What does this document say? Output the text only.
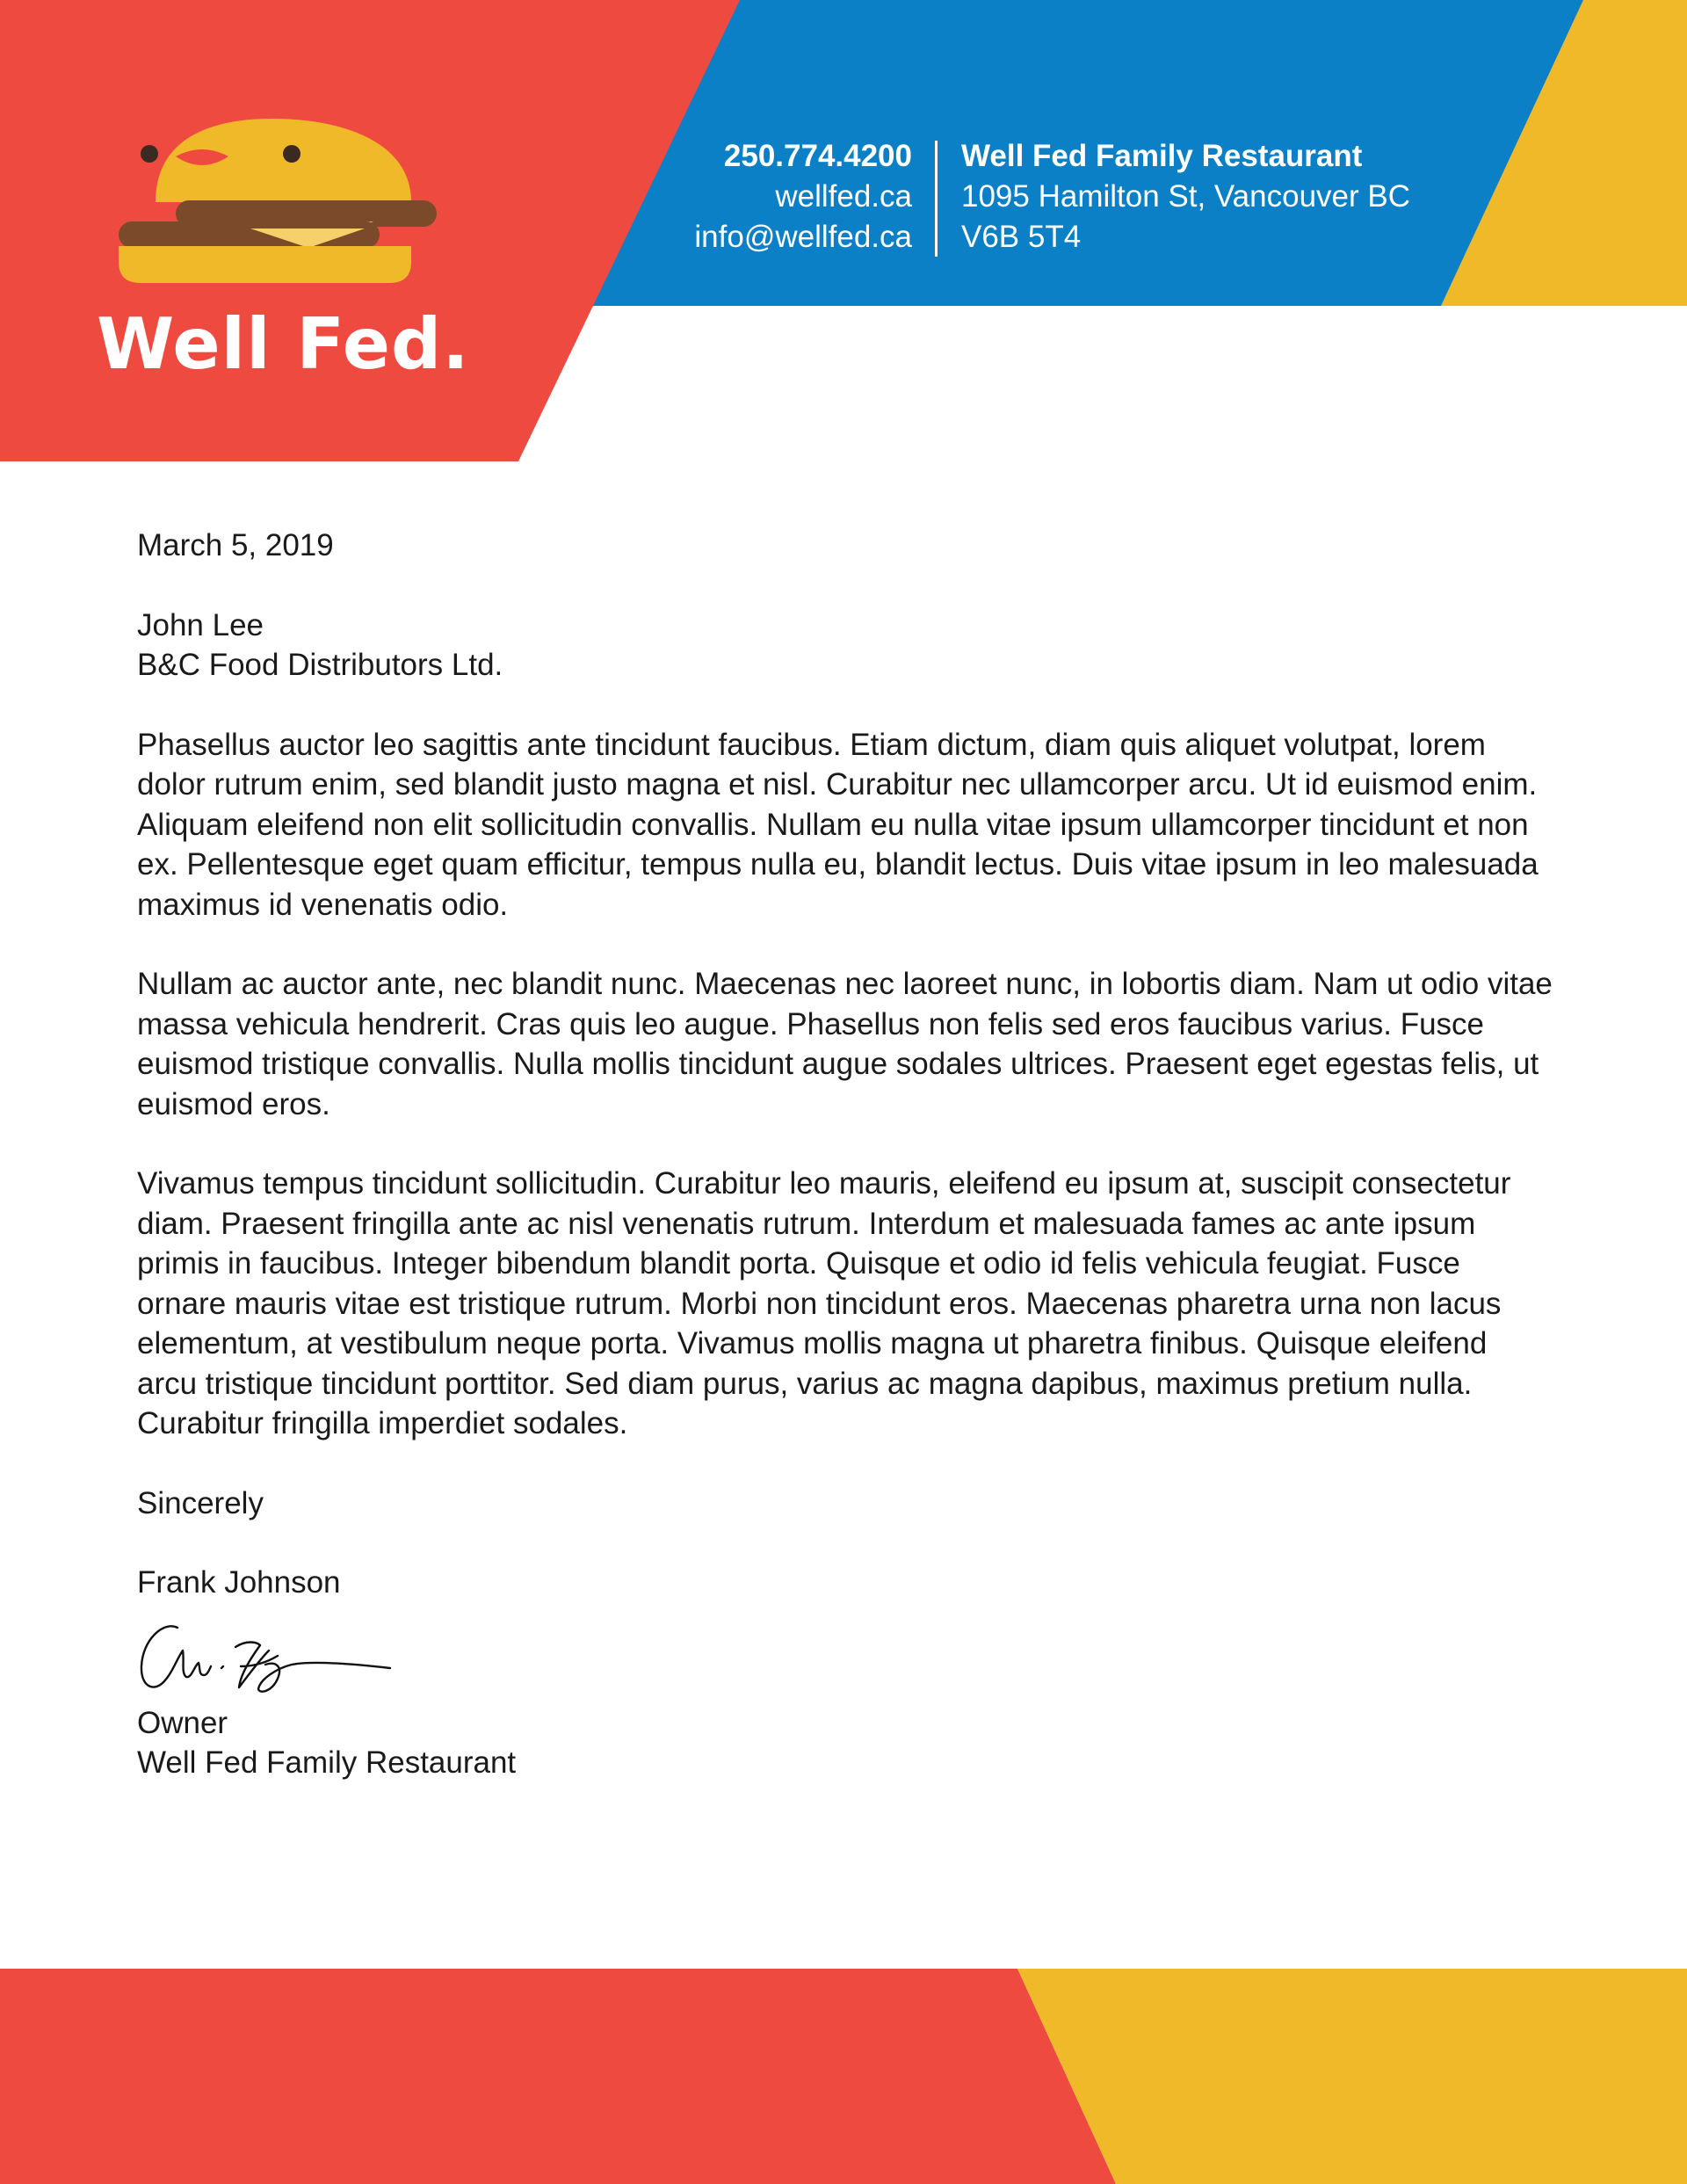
Well Fed.
250.774.4200
wellfed.ca
info@wellfed.ca
Well Fed Family Restaurant
1095 Hamilton St, Vancouver BC
V6B 5T4

March 5, 2019

John Lee

B&C Food Distributors Ltd.

Phasellus auctor leo sagittis ante tincidunt faucibus. Etiam dictum, diam quis aliquet volutpat, lorem dolor rutrum enim, sed blandit justo magna et nisl. Curabitur nec ullamcorper arcu. Ut id euismod enim. Aliquam eleifend non elit sollicitudin convallis. Nullam eu nulla vitae ipsum ullamcorper tincidunt et non ex. Pellentesque eget quam efficitur, tempus nulla eu, blandit lectus. Duis vitae ipsum in leo malesuada maximus id venenatis odio.

Nullam ac auctor ante, nec blandit nunc. Maecenas nec laoreet nunc, in lobortis diam. Nam ut odio vitae massa vehicula hendrerit. Cras quis leo augue. Phasellus non felis sed eros faucibus varius. Fusce euismod tristique convallis. Nulla mollis tincidunt augue sodales ultrices. Praesent eget egestas felis, ut euismod eros.

Vivamus tempus tincidunt sollicitudin. Curabitur leo mauris, eleifend eu ipsum at, suscipit consectetur diam. Praesent fringilla ante ac nisl venenatis rutrum. Interdum et malesuada fames ac ante ipsum primis in faucibus. Integer bibendum blandit porta. Quisque et odio id felis vehicula feugiat. Fusce ornare mauris vitae est tristique rutrum. Morbi non tincidunt eros. Maecenas pharetra urna non lacus elementum, at vestibulum neque porta. Vivamus mollis magna ut pharetra finibus. Quisque eleifend arcu tristique tincidunt porttitor. Sed diam purus, varius ac magna dapibus, maximus pretium nulla. Curabitur fringilla imperdiet sodales.

Sincerely

Frank Johnson

Owner

Well Fed Family Restaurant
